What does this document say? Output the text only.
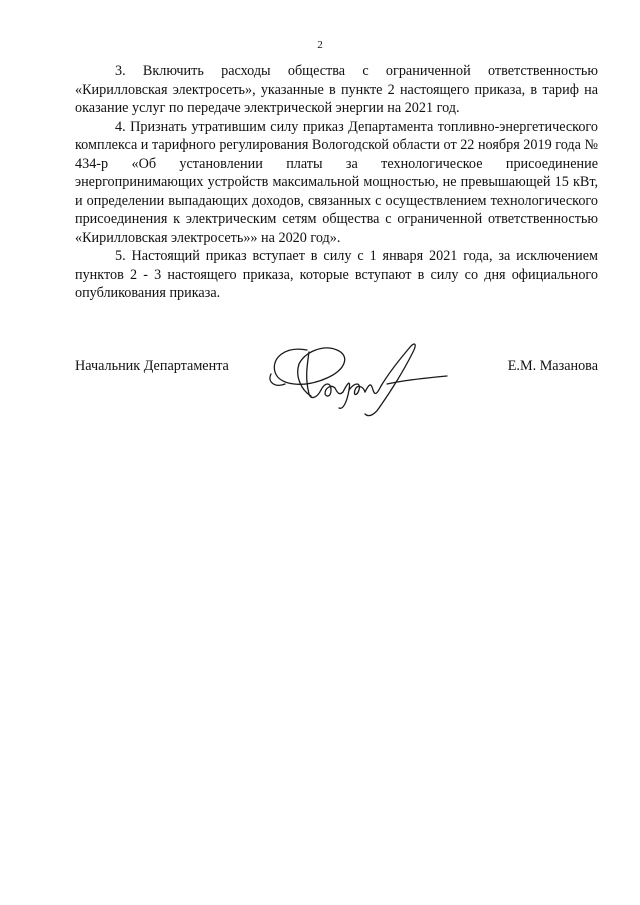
2

3. Включить расходы общества с ограниченной ответственностью «Кирилловская электросеть», указанные в пункте 2 настоящего приказа, в тариф на оказание услуг по передаче электрической энергии на 2021 год.

4. Признать утратившим силу приказ Департамента топливно-энергетического комплекса и тарифного регулирования Вологодской области от 22 ноября 2019 года № 434-р «Об установлении платы за технологическое присоединение энергопринимающих устройств максимальной мощностью, не превышающей 15 кВт, и определении выпадающих доходов, связанных с осуществлением технологического присоединения к электрическим сетям общества с ограниченной ответственностью «Кирилловская электросеть»» на 2020 год».

5. Настоящий приказ вступает в силу с 1 января 2021 года, за исключением пунктов 2 - 3 настоящего приказа, которые вступают в силу со дня официального опубликования приказа.

Начальник Департамента	Е.М. Мазанова
